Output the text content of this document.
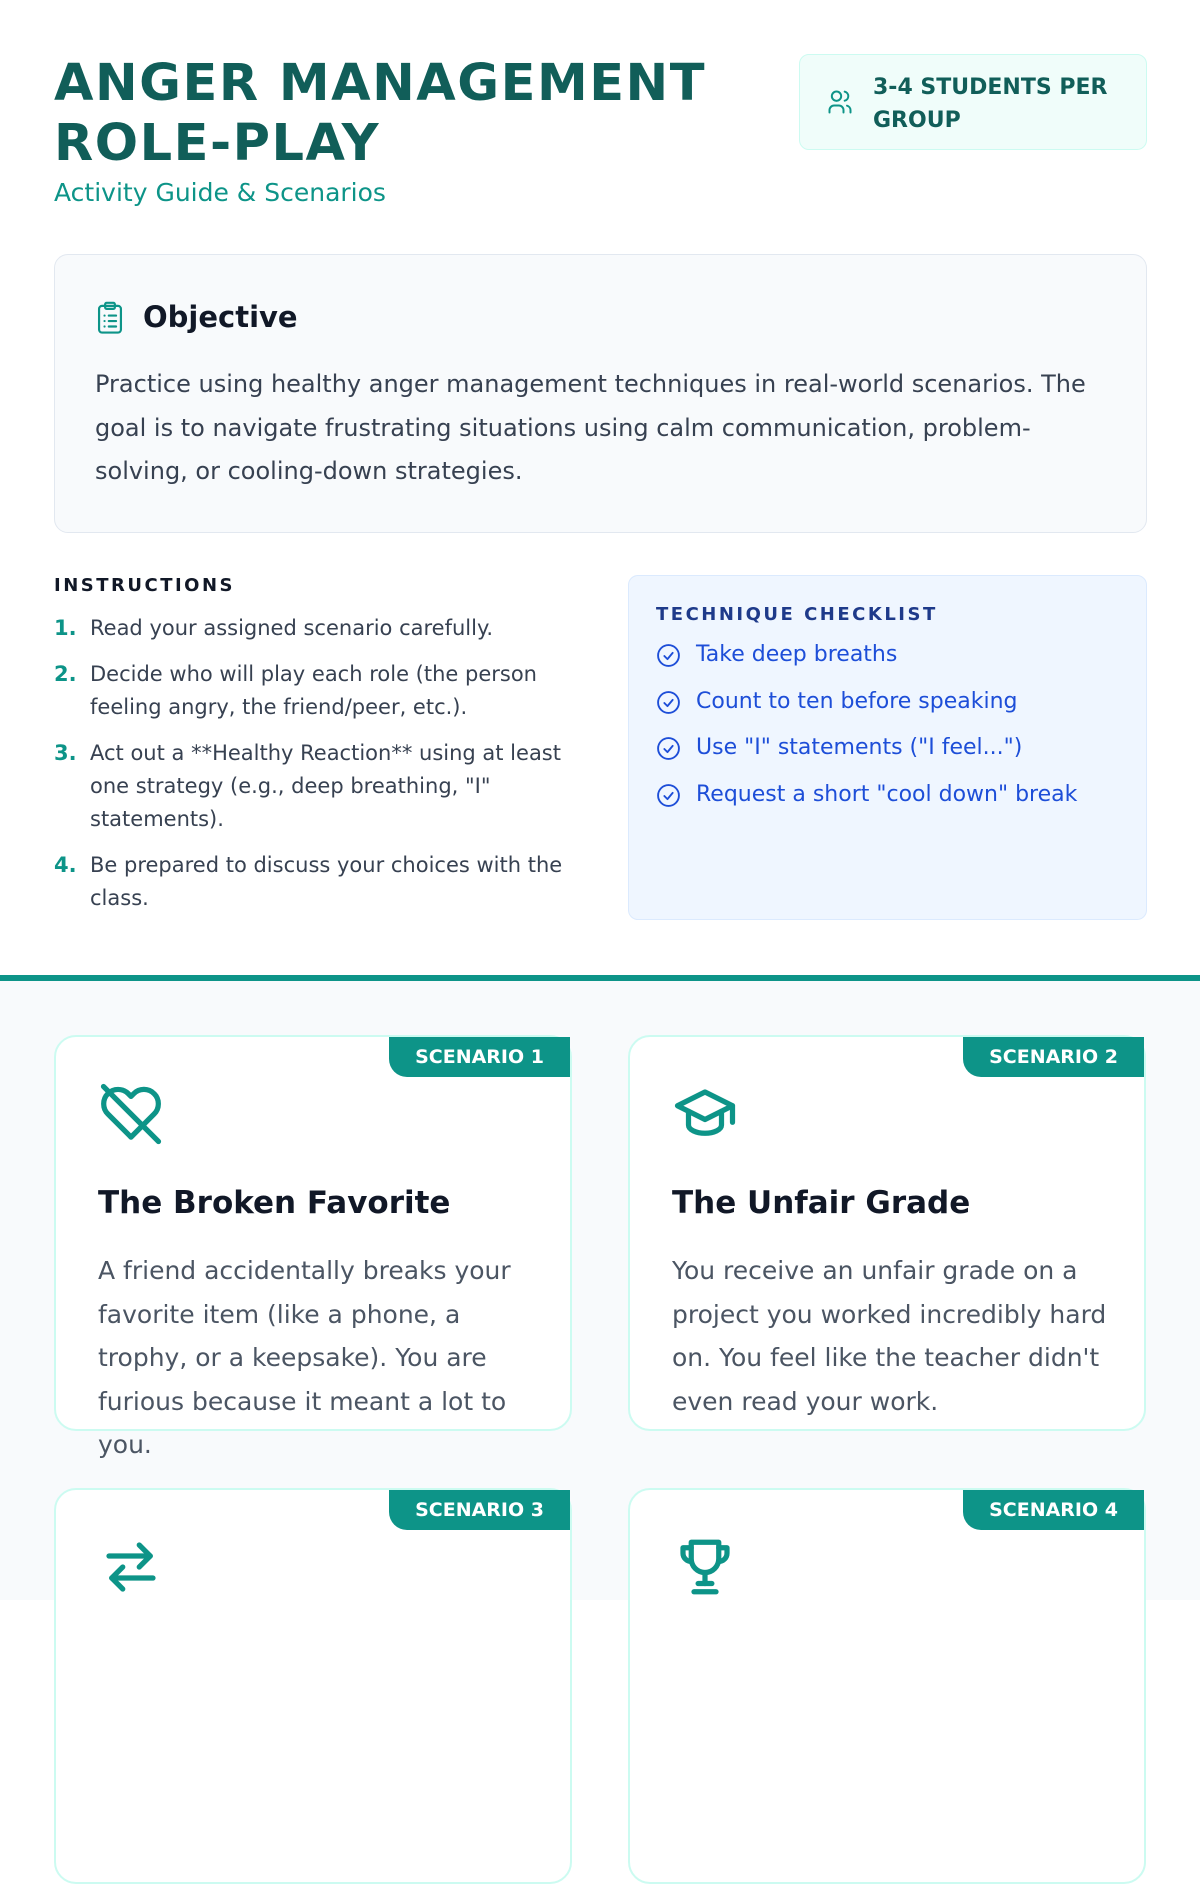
ANGER MANAGEMENT
ROLE-PLAY
Activity Guide & Scenarios
3-4 STUDENTS PER GROUP
Objective
Practice using healthy anger management techniques in real-world scenarios. The goal is to navigate frustrating situations using calm communication, problem-solving, or cooling-down strategies.
INSTRUCTIONS
1. Read your assigned scenario carefully.
2. Decide who will play each role (the person feeling angry, the friend/peer, etc.).
3. Act out a **Healthy Reaction** using at least one strategy (e.g., deep breathing, "I" statements).
4. Be prepared to discuss your choices with the class.
TECHNIQUE CHECKLIST
Take deep breaths
Count to ten before speaking
Use "I" statements ("I feel...")
Request a short "cool down" break
SCENARIO 1
The Broken Favorite
A friend accidentally breaks your favorite item (like a phone, a trophy, or a keepsake). You are furious because it meant a lot to you.
SCENARIO 2
The Unfair Grade
You receive an unfair grade on a project you worked incredibly hard on. You feel like the teacher didn't even read your work.
SCENARIO 3	SCENARIO 4
